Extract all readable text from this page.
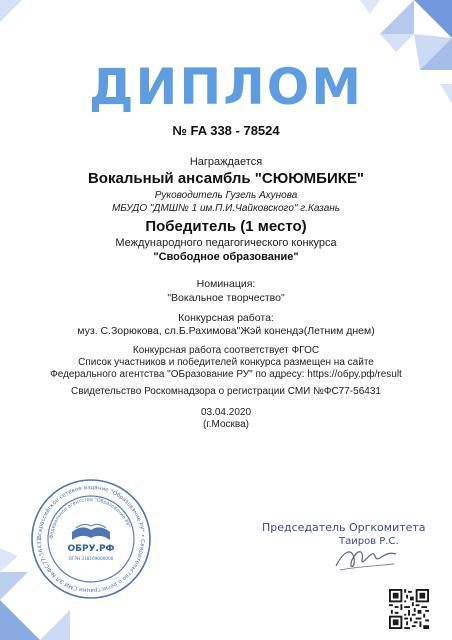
ДИПЛОМ
№ FA 338 - 78524
Награждается
Вокальный ансамбль "СЮЮМБИКЕ"
Руководитель Гузель Ахунова
МБУДО "ДМШ№ 1 им.П.И.Чайковского" г.Казань
Победитель (1 место)
Международного педагогического конкурса
"Свободное образование"
Номинация:
"Вокальное творчество"
Конкурсная работа:
муз. С.Зорюкова, сл.Б.Рахимова"Жэй конендэ(Летним днем)
Конкурсная работа соответствует ФГОС
Список участников и победителей конкурса размещен на сайте
Федерального агентства "ОБразование РУ" по адресу: https://обру.рф/result
Свидетельство Роскомнадзора о регистрации СМИ №ФС77-56431
03.04.2020
(г.Москва)
Всероссийское сетевое издание "Образование РУ" • Свидетельство о регистрации СМИ ЭЛ №ФС77-56431
Федеральное агентство "Образование РУ"
ОБРУ.РФ
ОГРН 318169000000
Председатель Оргкомитета
Таиров Р.С.
